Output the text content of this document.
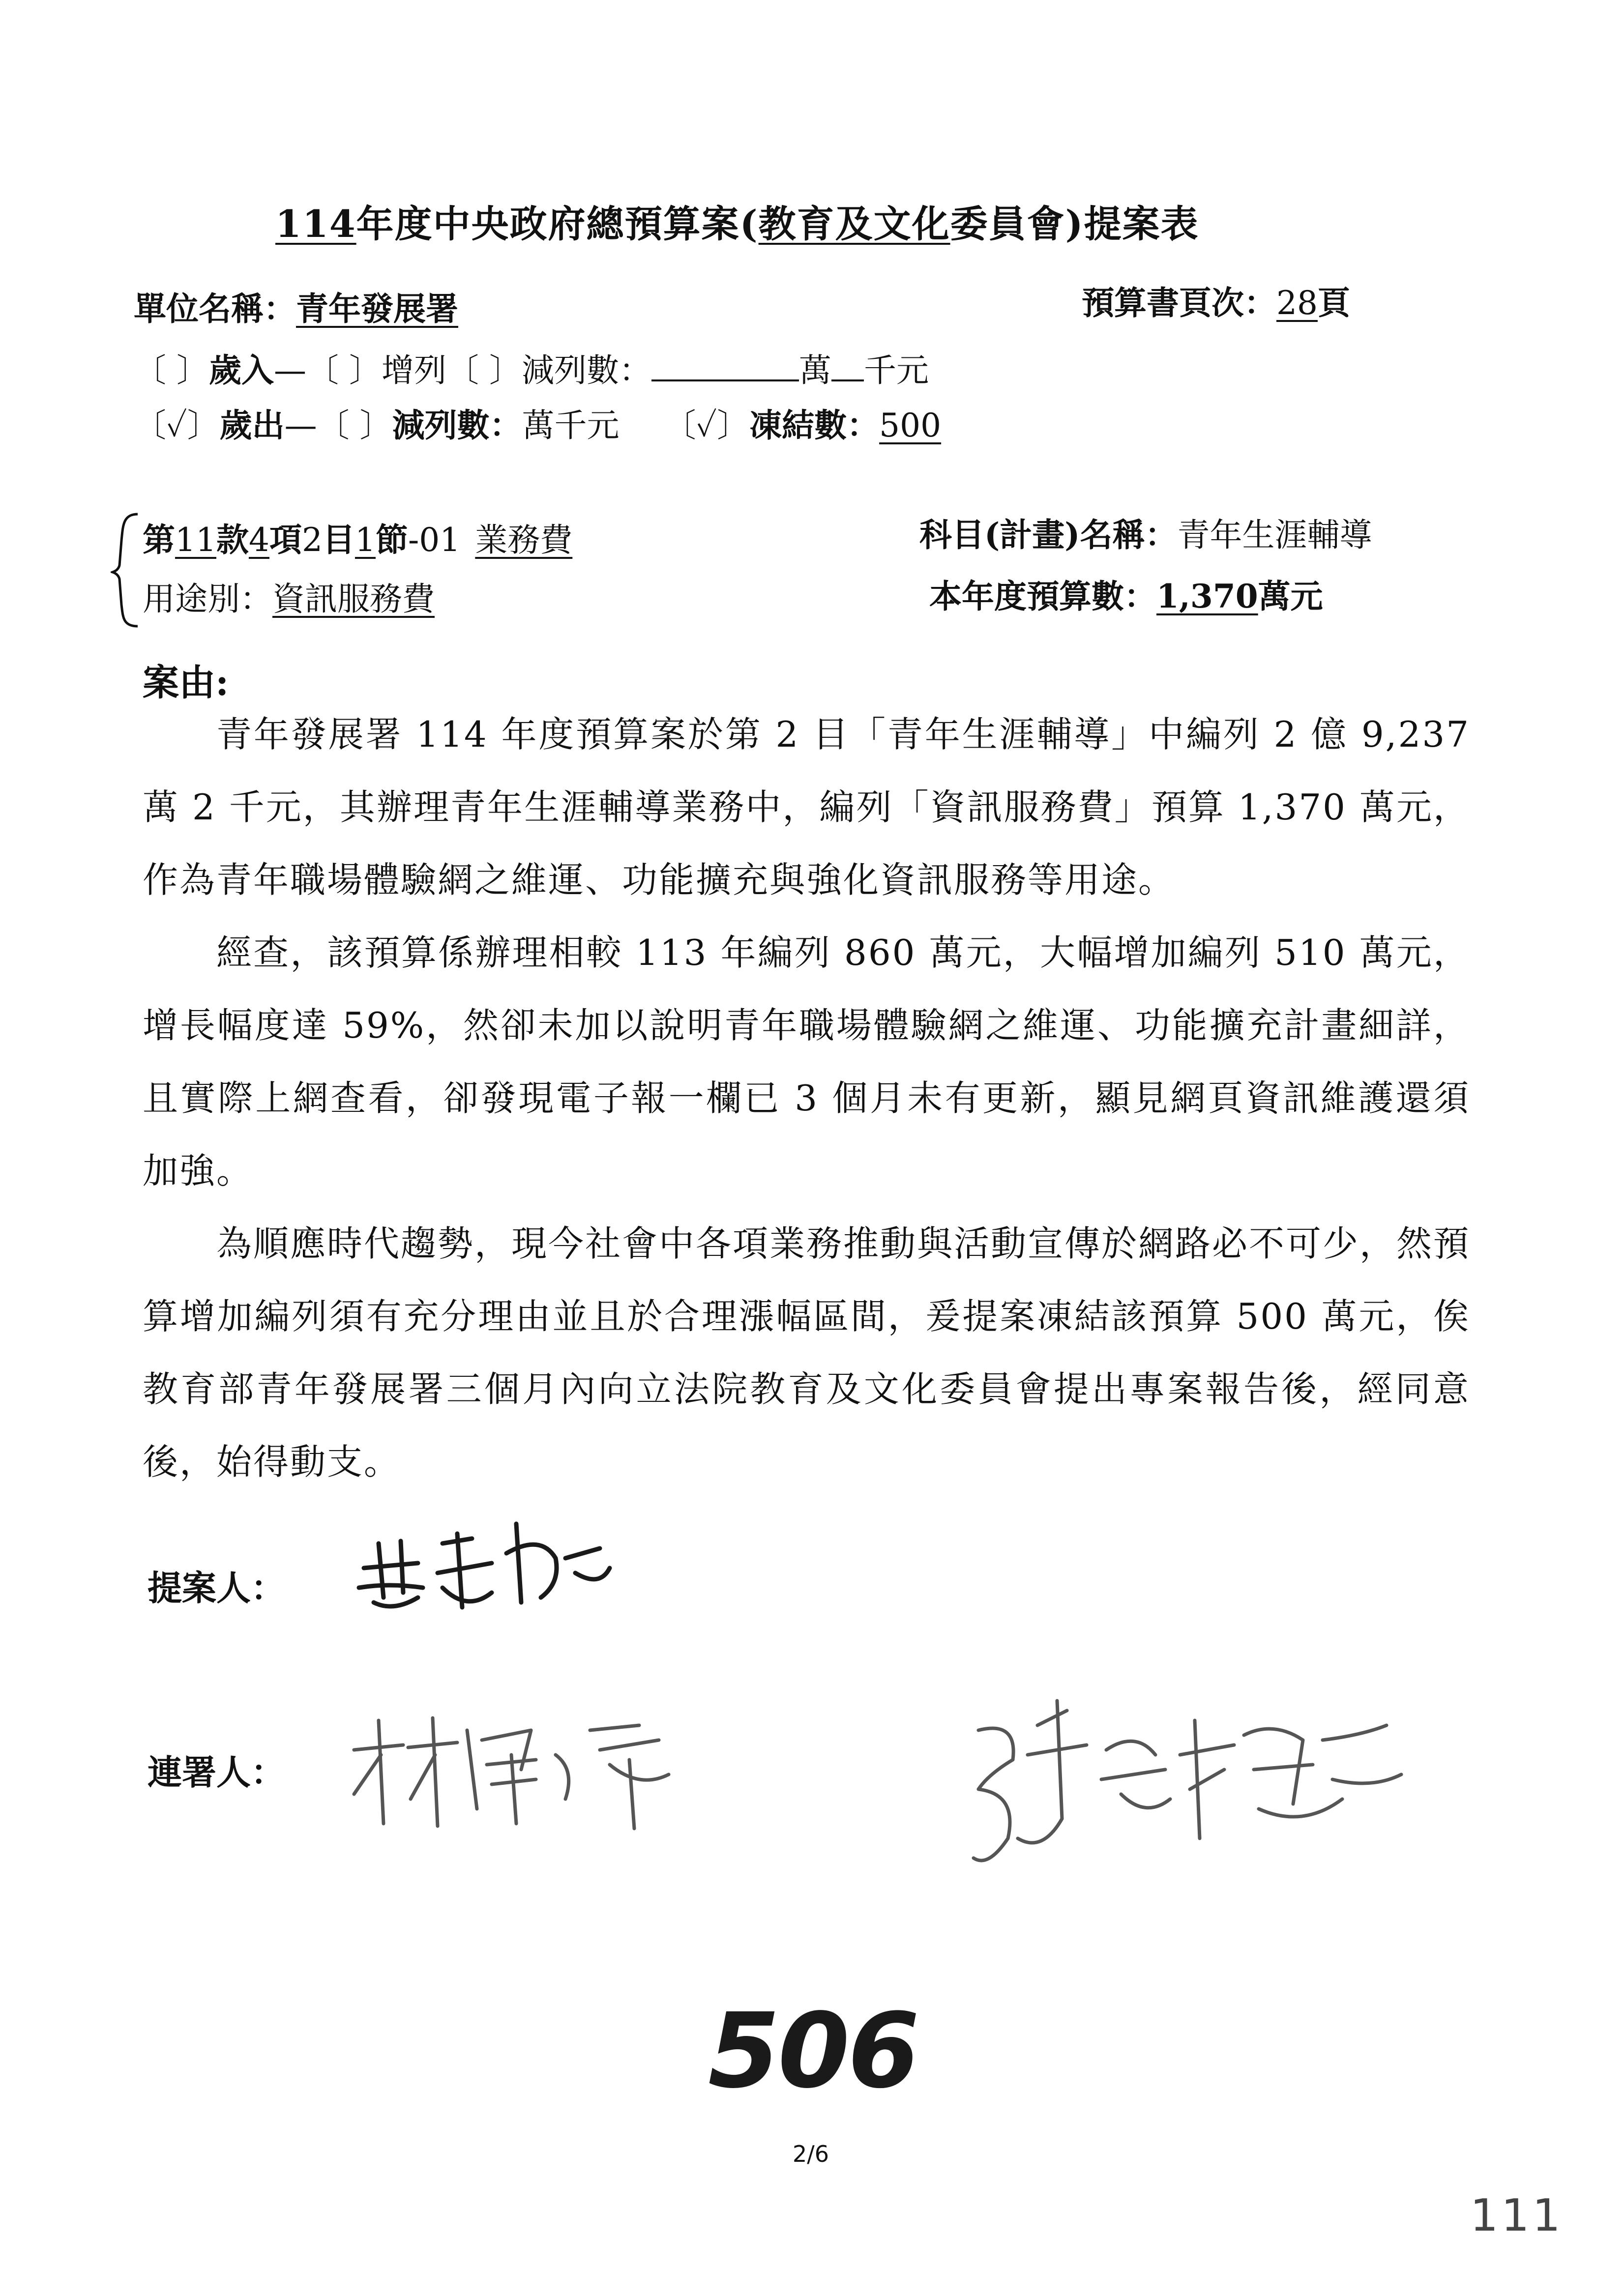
114年度中央政府總預算案(教育及文化委員會)提案表
單位名稱：青年發展署	預算書頁次：28頁
〔 〕歲入—〔 〕增列〔 〕減列數：	萬 千元
〔✓〕歲出—〔 〕減列數：萬千元 〔✓〕凍結數：500
第11款4項2目1節-01 業務費
用途別：資訊服務費
科目(計畫)名稱：青年生涯輔導
本年度預算數：1,370萬元
案由:

青年發展署 114 年度預算案於第 2 目「青年生涯輔導」中編列 2 億 9,237 萬 2 千元，其辦理青年生涯輔導業務中，編列「資訊服務費」預算 1,370 萬元，作為青年職場體驗網之維運、功能擴充與強化資訊服務等用途。

經查，該預算係辦理相較 113 年編列 860 萬元，大幅增加編列 510 萬元，增長幅度達 59%，然卻未加以說明青年職場體驗網之維運、功能擴充計畫細詳，且實際上網查看，卻發現電子報一欄已 3 個月未有更新，顯見網頁資訊維護還須加強。

為順應時代趨勢，現今社會中各項業務推動與活動宣傳於網路必不可少，然預算增加編列須有充分理由並且於合理漲幅區間，爰提案凍結該預算 500 萬元，俟教育部青年發展署三個月內向立法院教育及文化委員會提出專案報告後，經同意後，始得動支。

提案人：
連署人：
506
2/6
111
